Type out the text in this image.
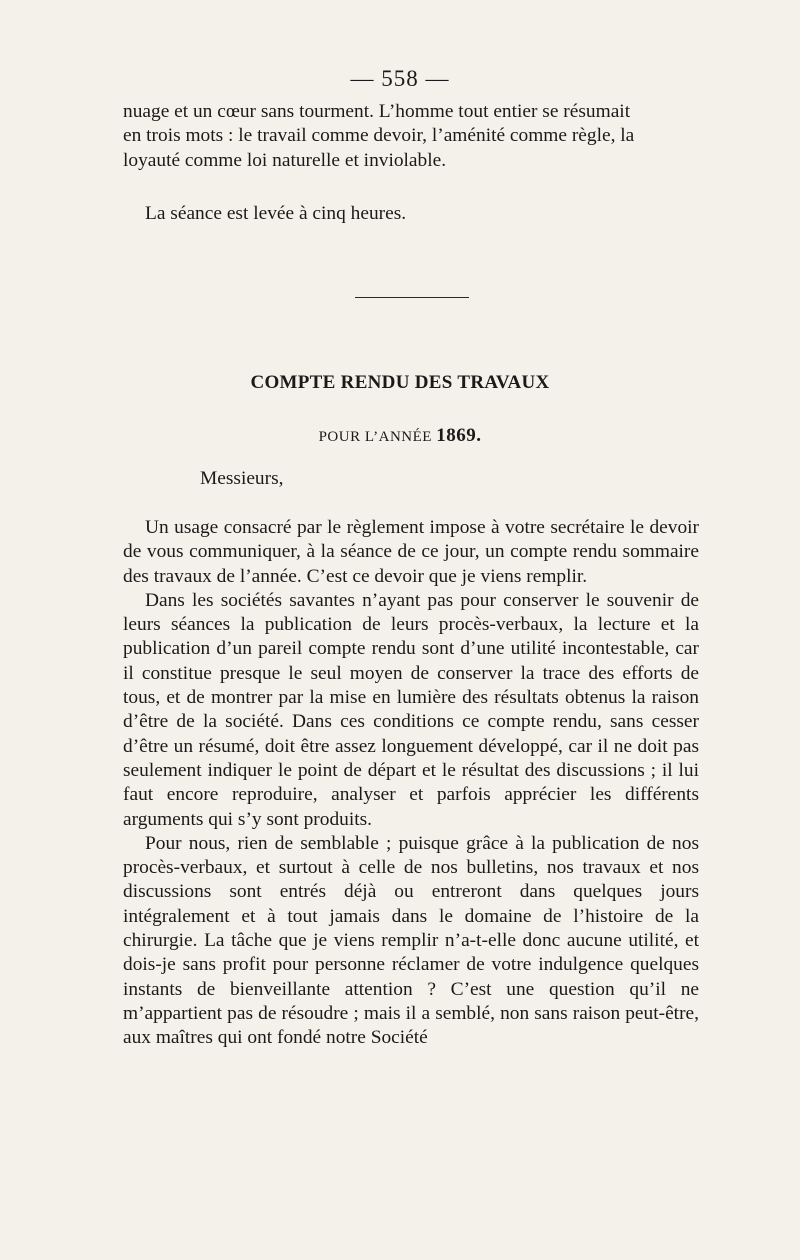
— 558 —

nuage et un cœur sans tourment. L’homme tout entier se résumait

en trois mots : le travail comme devoir, l’aménité comme règle, la

loyauté comme loi naturelle et inviolable.

La séance est levée à cinq heures.
COMPTE RENDU DES TRAVAUX
POUR L’ANNÉE 1869.
Messieurs,

Un usage consacré par le règlement impose à votre secrétaire le devoir de vous communiquer, à la séance de ce jour, un compte rendu sommaire des travaux de l’année. C’est ce devoir que je viens remplir.

Dans les sociétés savantes n’ayant pas pour conserver le souvenir de leurs séances la publication de leurs procès-verbaux, la lecture et la publication d’un pareil compte rendu sont d’une utilité incontestable, car il constitue presque le seul moyen de conserver la trace des efforts de tous, et de montrer par la mise en lumière des résultats obtenus la raison d’être de la société. Dans ces conditions ce compte rendu, sans cesser d’être un résumé, doit être assez longuement développé, car il ne doit pas seulement indiquer le point de départ et le résultat des discussions ; il lui faut encore reproduire, analyser et parfois apprécier les différents arguments qui s’y sont produits.

Pour nous, rien de semblable ; puisque grâce à la publication de nos procès-verbaux, et surtout à celle de nos bulletins, nos travaux et nos discussions sont entrés déjà ou entreront dans quelques jours intégralement et à tout jamais dans le domaine de l’histoire de la chirurgie. La tâche que je viens remplir n’a-t-elle donc aucune utilité, et dois-je sans profit pour personne réclamer de votre indulgence quelques instants de bienveillante attention ? C’est une question qu’il ne m’appartient pas de résoudre ; mais il a semblé, non sans raison peut-être, aux maîtres qui ont fondé notre Société
